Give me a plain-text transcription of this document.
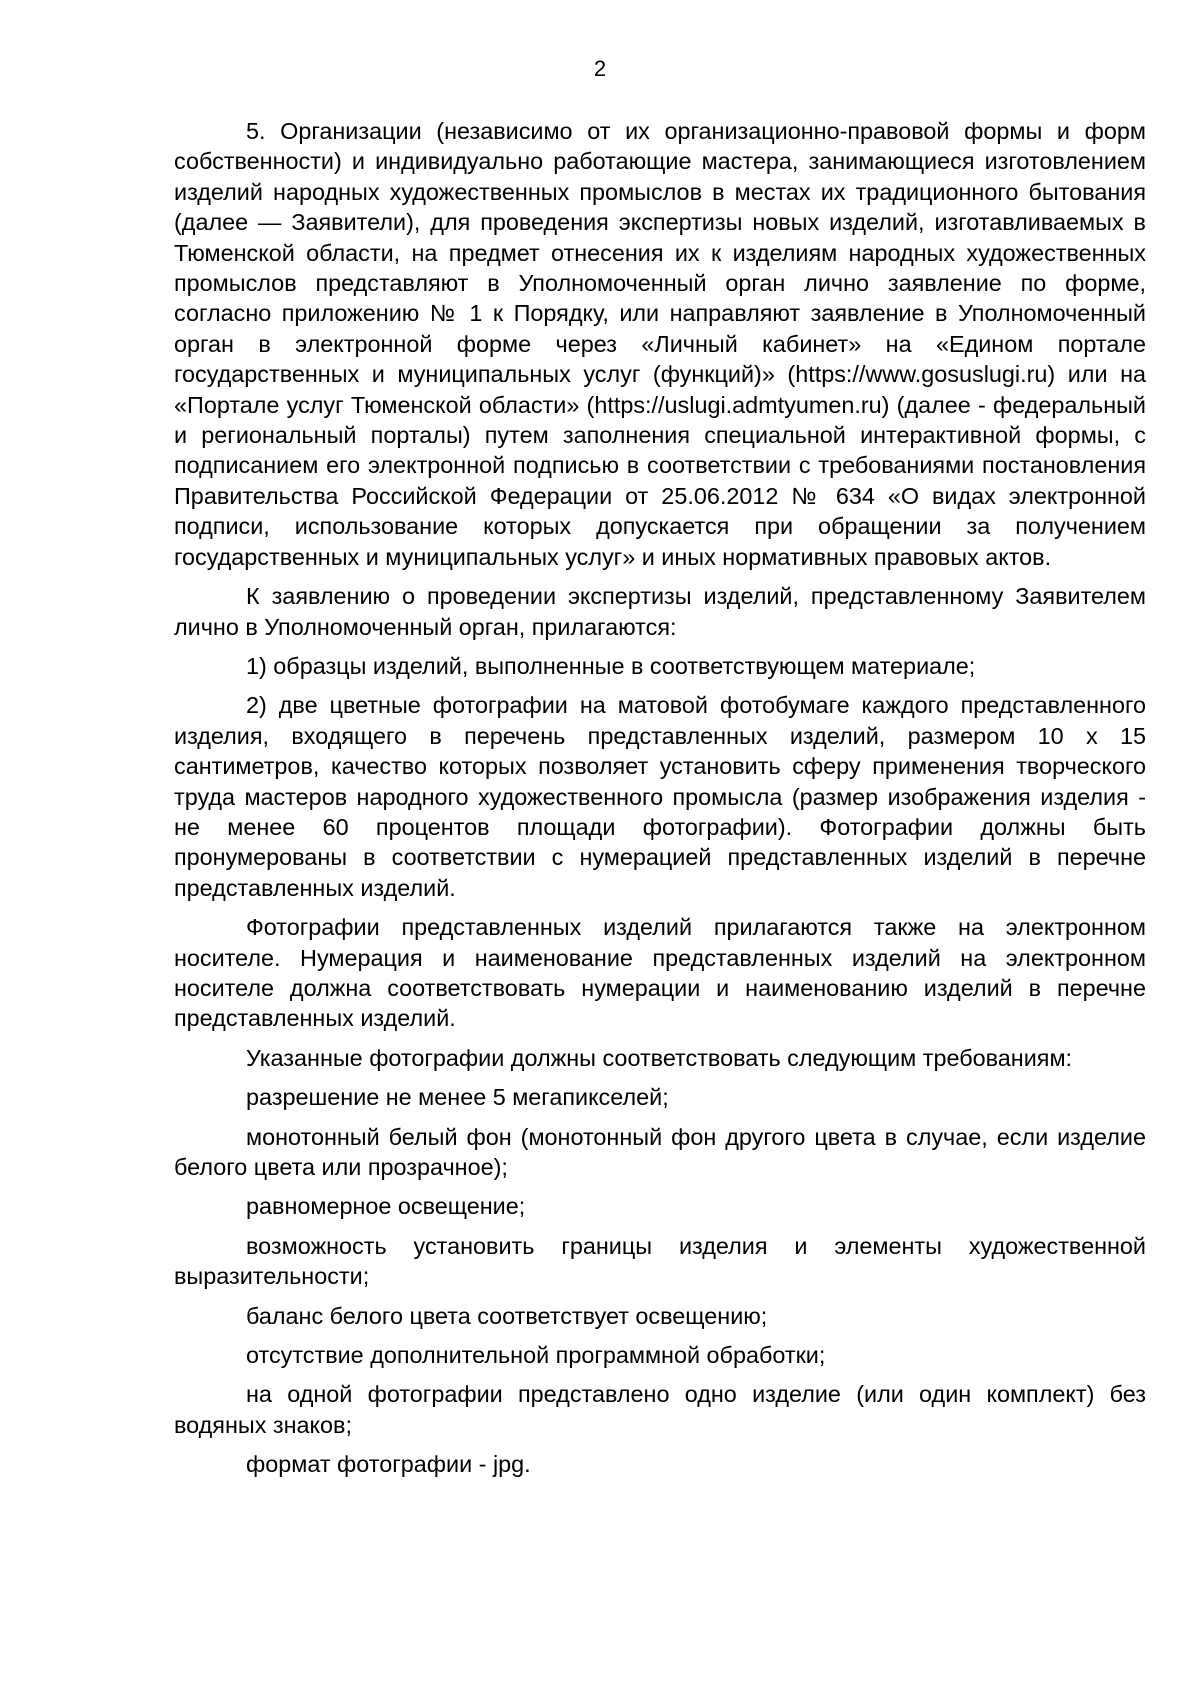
2

5. Организации (независимо от их организационно-правовой формы и форм собственности) и индивидуально работающие мастера, занимающиеся изготовлением изделий народных художественных промыслов в местах их традиционного бытования (далее — Заявители), для проведения экспертизы новых изделий, изготавливаемых в Тюменской области, на предмет отнесения их к изделиям народных художественных промыслов представляют в Уполномоченный орган лично заявление по форме, согласно приложению № 1 к Порядку, или направляют заявление в Уполномоченный орган в электронной форме через «Личный кабинет» на «Едином портале государственных и муниципальных услуг (функций)» (https://www.gosuslugi.ru) или на «Портале услуг Тюменской области» (https://uslugi.admtyumen.ru) (далее - федеральный и региональный порталы) путем заполнения специальной интерактивной формы, с подписанием его электронной подписью в соответствии с требованиями постановления Правительства Российской Федерации от 25.06.2012 № 634 «О видах электронной подписи, использование которых допускается при обращении за получением государственных и муниципальных услуг» и иных нормативных правовых актов.

К заявлению о проведении экспертизы изделий, представленному Заявителем лично в Уполномоченный орган, прилагаются:

1) образцы изделий, выполненные в соответствующем материале;

2) две цветные фотографии на матовой фотобумаге каждого представленного изделия, входящего в перечень представленных изделий, размером 10 х 15 сантиметров, качество которых позволяет установить сферу применения творческого труда мастеров народного художественного промысла (размер изображения изделия - не менее 60 процентов площади фотографии). Фотографии должны быть пронумерованы в соответствии с нумерацией представленных изделий в перечне представленных изделий.

Фотографии представленных изделий прилагаются также на электронном носителе. Нумерация и наименование представленных изделий на электронном носителе должна соответствовать нумерации и наименованию изделий в перечне представленных изделий.

Указанные фотографии должны соответствовать следующим требованиям:

разрешение не менее 5 мегапикселей;

монотонный белый фон (монотонный фон другого цвета в случае, если изделие белого цвета или прозрачное);

равномерное освещение;

возможность установить границы изделия и элементы художественной выразительности;

баланс белого цвета соответствует освещению;

отсутствие дополнительной программной обработки;

на одной фотографии представлено одно изделие (или один комплект) без водяных знаков;

формат фотографии - jpg.
